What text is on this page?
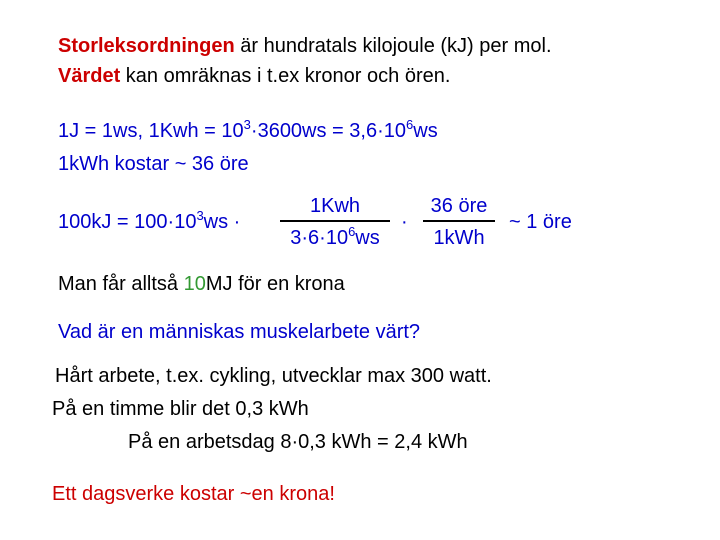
Storleksordningen är hundratals kilojoule (kJ) per mol.
Värdet kan omräknas i t.ex kronor och ören.
1J = 1ws, $1Kwh = 10^3\cdot 3600ws = 3,6\cdot 10^6ws$
1kWh kostar ~ 36 öre
$100kJ = 100\cdot 10^3ws$ ·
1Kwh
$3\cdot 6\cdot 10^6ws$
·
36 öre
1kWh
~ 1 öre
Man får alltså 10MJ för en krona
Vad är en människas muskelarbete värt?
Hårt arbete, t.ex. cykling, utvecklar max 300 watt.
På en timme blir det 0,3 kWh
På en arbetsdag 8·0,3 kWh = 2,4 kWh
Ett dagsverke kostar ~en krona!
